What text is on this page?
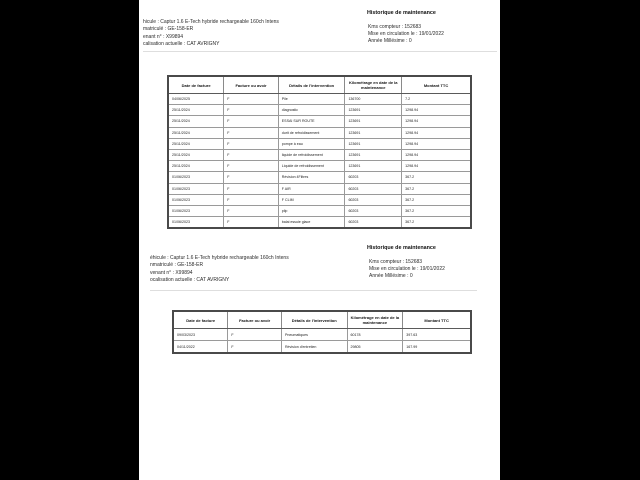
Historique de maintenance
hicule : Captur 1.6 E-Tech hybride rechargeable 160ch Intens
matriculé : GE-158-ER
enant n° : X99894
calisation actuelle : CAT AVRIGNY
Kms compteur : 152683
Mise en circulation le : 19/01/2022
Année Millésime : 0
Date de facture	Facture ou avoir	Détails de l'intervention	Kilométrage en date de la maintenance	Montant TTC
04/06/2025	F	Pile	136700	7.2
25/11/2024	F	diagnostic	123691	1298.94
25/11/2024	F	ESSAI SUR ROUTE	123691	1298.94
25/11/2024	F	durit de refroidissement	123691	1298.94
25/11/2024	F	pompe à eau	123691	1298.94
25/11/2024	F	liquide de refroidissement	123691	1298.94
25/11/2024	F	Liquide de refroidissement	123691	1298.94
01/06/2023	F	Révision 4Filtres	60203	367.2
01/06/2023	F	F AIR	60203	367.2
01/06/2023	F	F CLIM	60203	367.2
01/06/2023	F	plip	60203	367.2
01/06/2023	F	balai essuie glace	60203	367.2
Historique de maintenance
éhicule : Captur 1.6 E-Tech hybride rechargeable 160ch Intens
nmatriculé : GE-158-ER
venant n° : X99894
ocalisation actuelle : CAT AVRIGNY
Kms compteur : 152683
Mise en circulation le : 19/01/2022
Année Millésime : 0
Date de facture	Facture ou avoir	Détails de l'intervention	Kilométrage en date de la maintenance	Montant TTC
09/03/2023	F	Pneumatiques	60178	397.63
04/11/2022	F	Révision d'entretien	29805	167.99
